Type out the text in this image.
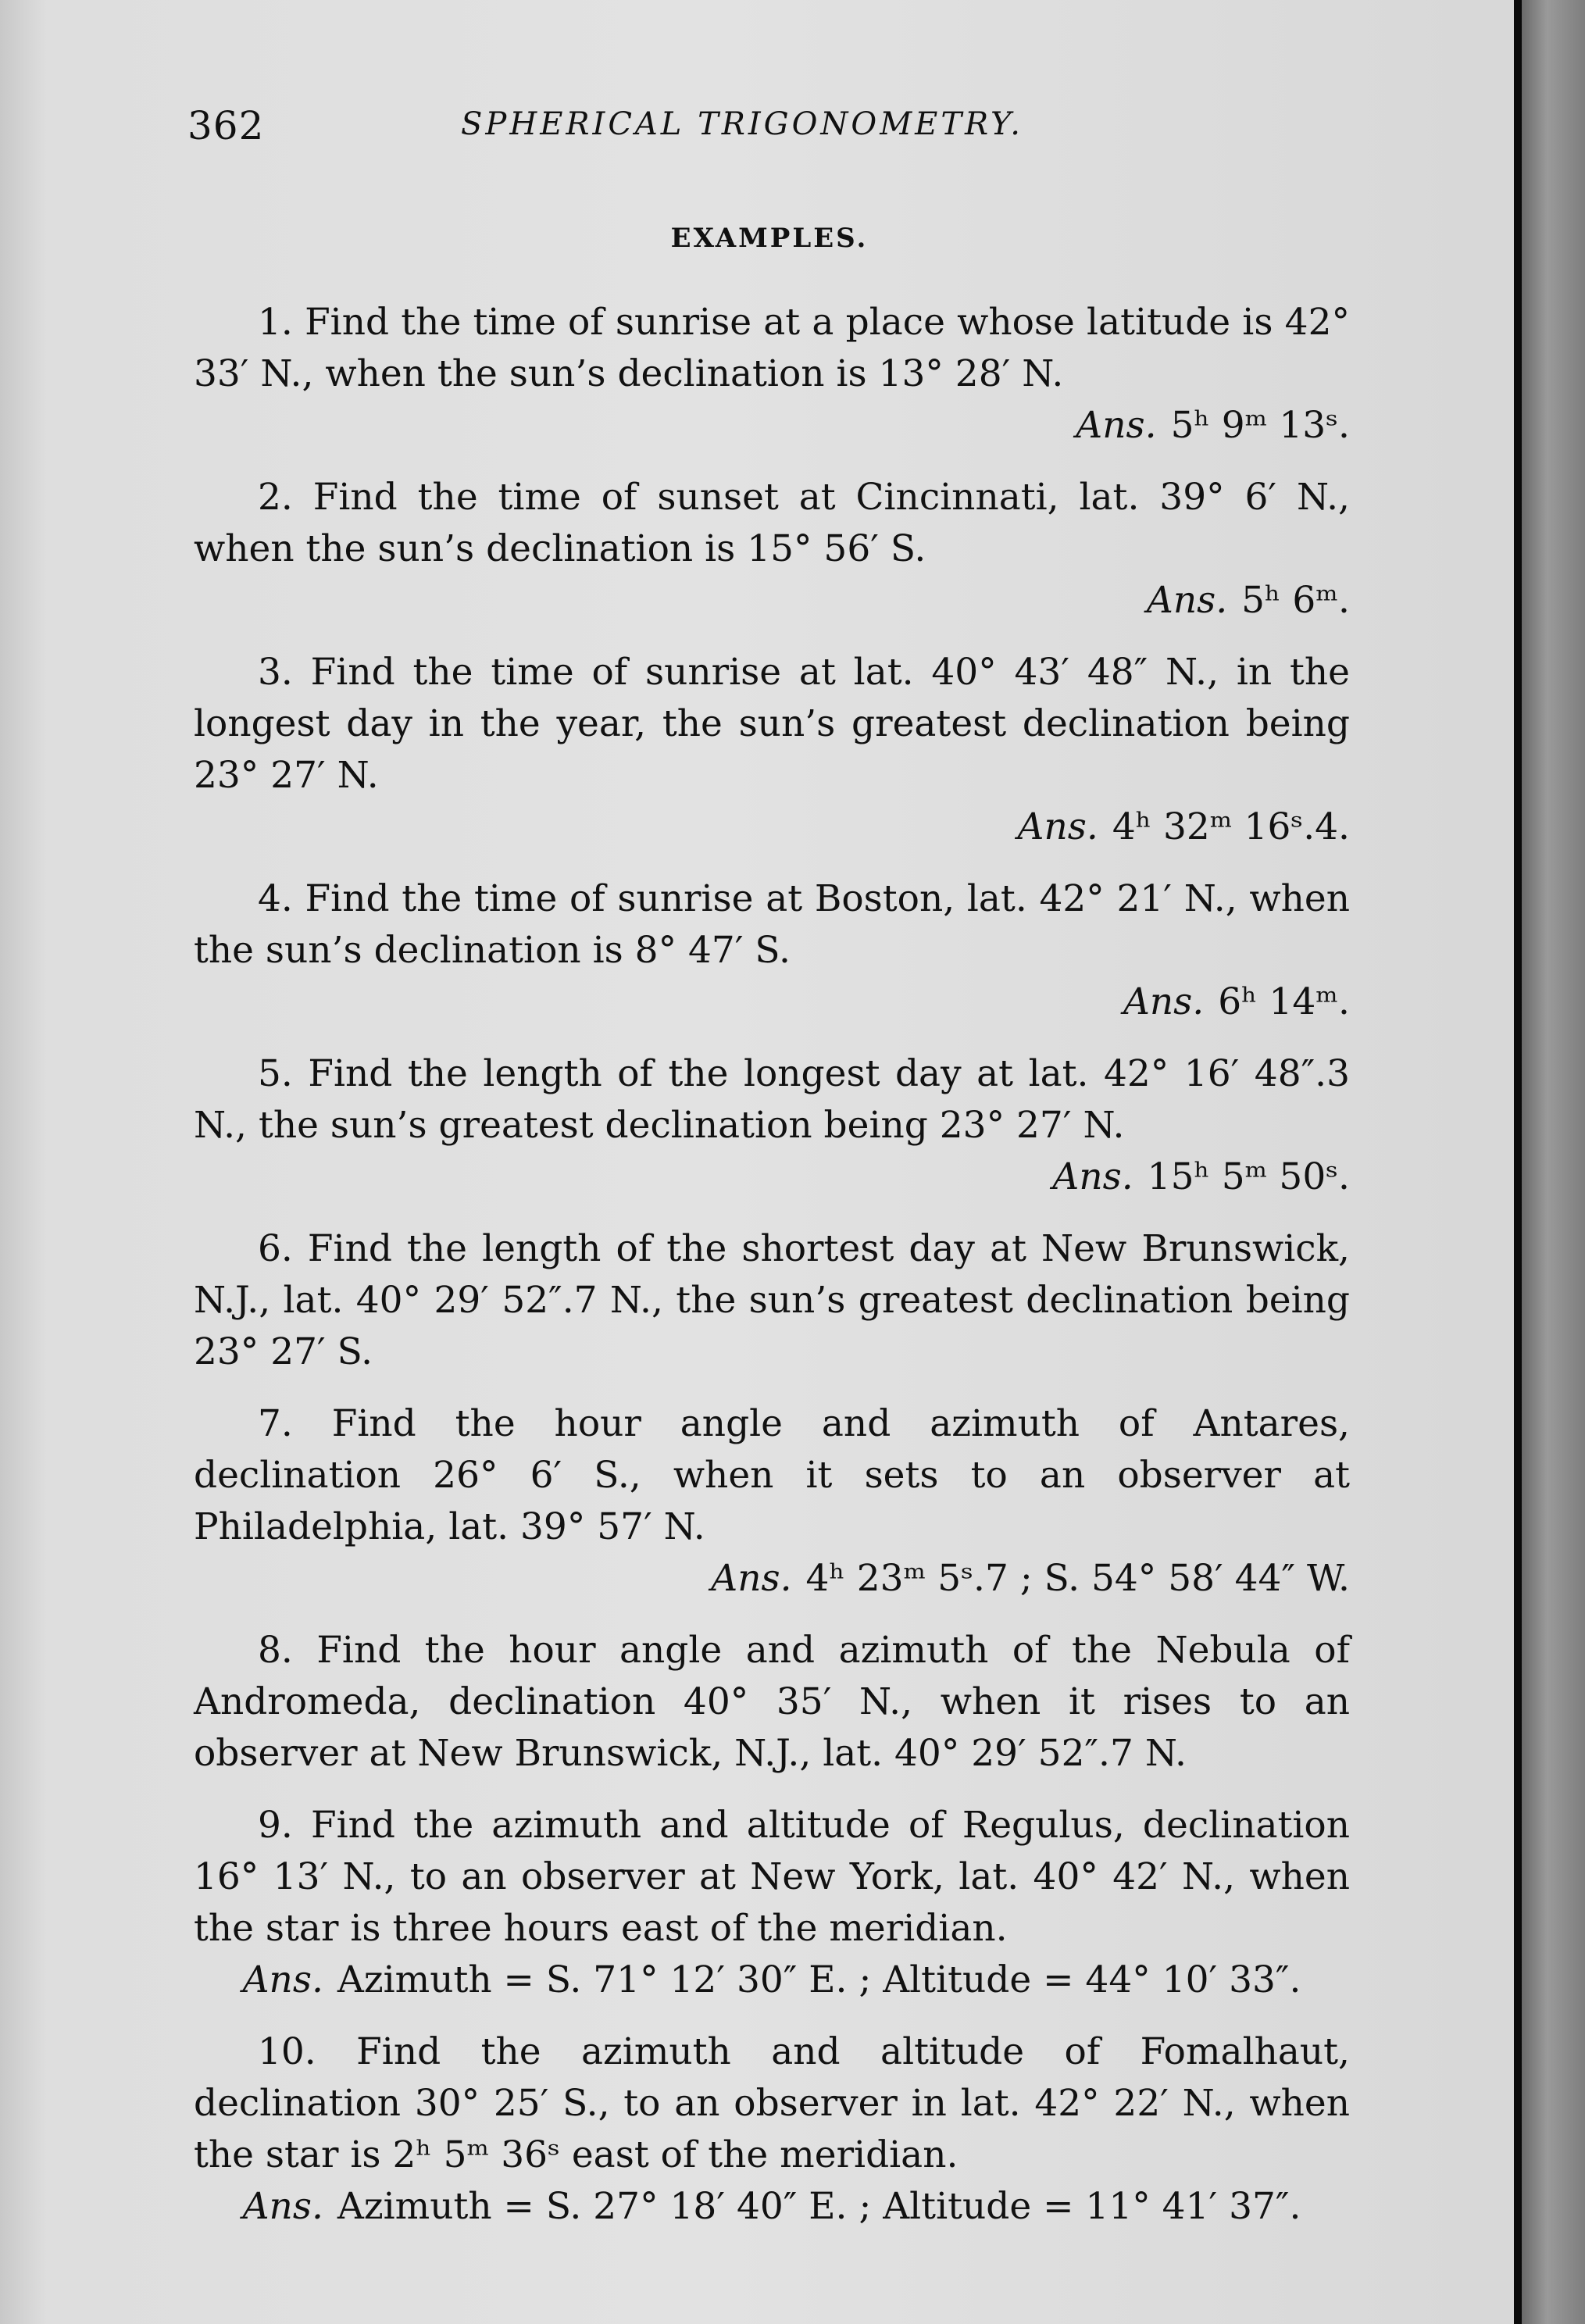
362	SPHERICAL TRIGONOMETRY.
EXAMPLES.
1. Find the time of sunrise at a place whose latitude is 42° 33′ N., when the sun’s declination is 13° 28′ N.
Ans. 5ʰ 9ᵐ 13ˢ.
2. Find the time of sunset at Cincinnati, lat. 39° 6′ N., when the sun’s declination is 15° 56′ S.
Ans. 5ʰ 6ᵐ.
3. Find the time of sunrise at lat. 40° 43′ 48″ N., in the longest day in the year, the sun’s greatest declination being 23° 27′ N.
Ans. 4ʰ 32ᵐ 16ˢ.4.
4. Find the time of sunrise at Boston, lat. 42° 21′ N., when the sun’s declination is 8° 47′ S.
Ans. 6ʰ 14ᵐ.
5. Find the length of the longest day at lat. 42° 16′ 48″.3 N., the sun’s greatest declination being 23° 27′ N.
Ans. 15ʰ 5ᵐ 50ˢ.
6. Find the length of the shortest day at New Brunswick, N.J., lat. 40° 29′ 52″.7 N., the sun’s greatest declination being 23° 27′ S.
7. Find the hour angle and azimuth of Antares, declination 26° 6′ S., when it sets to an observer at Philadelphia, lat. 39° 57′ N.
Ans. 4ʰ 23ᵐ 5ˢ.7 ; S. 54° 58′ 44″ W.
8. Find the hour angle and azimuth of the Nebula of Andromeda, declination 40° 35′ N., when it rises to an observer at New Brunswick, N.J., lat. 40° 29′ 52″.7 N.
9. Find the azimuth and altitude of Regulus, declination 16° 13′ N., to an observer at New York, lat. 40° 42′ N., when the star is three hours east of the meridian.
Ans. Azimuth = S. 71° 12′ 30″ E. ; Altitude = 44° 10′ 33″.
10. Find the azimuth and altitude of Fomalhaut, declination 30° 25′ S., to an observer in lat. 42° 22′ N., when the star is 2ʰ 5ᵐ 36ˢ east of the meridian.
Ans. Azimuth = S. 27° 18′ 40″ E. ; Altitude = 11° 41′ 37″.
